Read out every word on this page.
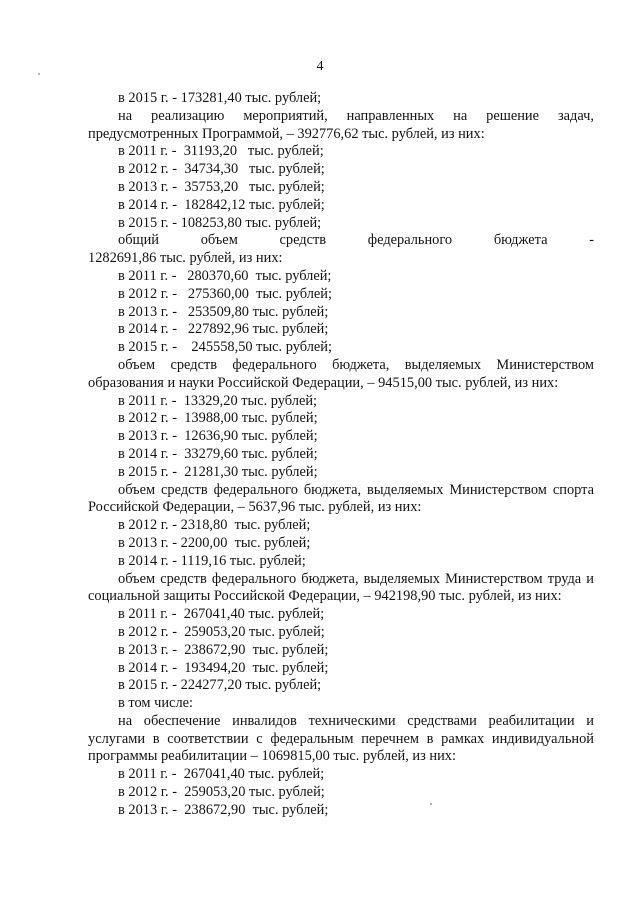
4

в 2015 г. - 173281,40 тыс. рублей;

на реализацию мероприятий, направленных на решение задач, предусмотренных Программой, – 392776,62 тыс. рублей, из них:

в 2011 г. -  31193,20   тыс. рублей;

в 2012 г. -  34734,30   тыс. рублей;

в 2013 г. -  35753,20   тыс. рублей;

в 2014 г. -  182842,12 тыс. рублей;

в 2015 г. - 108253,80 тыс. рублей;

общий объем средств федерального бюджета -

1282691,86 тыс. рублей, из них:

в 2011 г. -   280370,60  тыс. рублей;

в 2012 г. -   275360,00  тыс. рублей;

в 2013 г. -   253509,80 тыс. рублей;

в 2014 г. -   227892,96 тыс. рублей;

в 2015 г. -    245558,50 тыс. рублей;

объем средств федерального бюджета, выделяемых Министерством образования и науки Российской Федерации, – 94515,00 тыс. рублей, из них:

в 2011 г. -  13329,20 тыс. рублей;

в 2012 г. -  13988,00 тыс. рублей;

в 2013 г. -  12636,90 тыс. рублей;

в 2014 г. -  33279,60 тыс. рублей;

в 2015 г. -  21281,30 тыс. рублей;

объем средств федерального бюджета, выделяемых Министерством спорта Российской Федерации, – 5637,96 тыс. рублей, из них:

в 2012 г. - 2318,80  тыс. рублей;

в 2013 г. - 2200,00  тыс. рублей;

в 2014 г. - 1119,16 тыс. рублей;

объем средств федерального бюджета, выделяемых Министерством труда и социальной защиты Российской Федерации, – 942198,90 тыс. рублей, из них:

в 2011 г. -  267041,40 тыс. рублей;

в 2012 г. -  259053,20 тыс. рублей;

в 2013 г. -  238672,90  тыс. рублей;

в 2014 г. -  193494,20  тыс. рублей;

в 2015 г. - 224277,20 тыс. рублей;

в том числе:

на обеспечение инвалидов техническими средствами реабилитации и услугами в соответствии с федеральным перечнем в рамках индивидуальной программы реабилитации – 1069815,00 тыс. рублей, из них:

в 2011 г. -  267041,40 тыс. рублей;

в 2012 г. -  259053,20 тыс. рублей;

в 2013 г. -  238672,90  тыс. рублей;
